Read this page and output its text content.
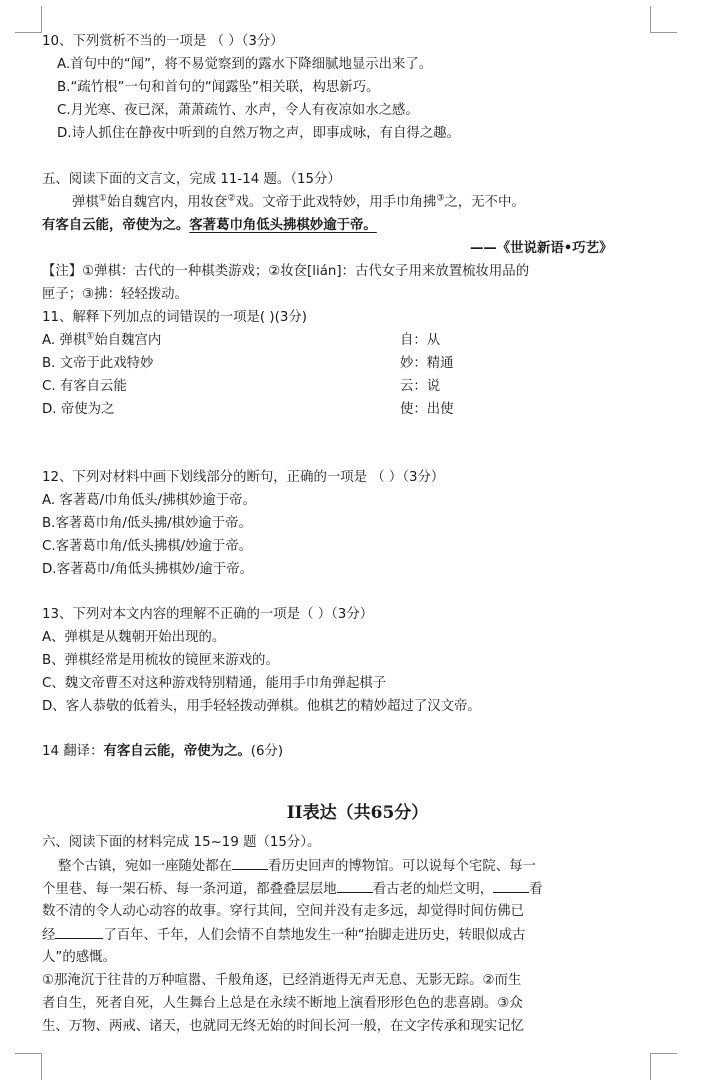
10、下列赏析不当的一项是 （ ）（3分）
A.首句中的“闻”，将不易觉察到的露水下降细腻地显示出来了。
B.“疏竹根”一句和首句的“闻露坠”相关联，构思新巧。
C.月光寒、夜已深，萧萧疏竹、水声，令人有夜凉如水之感。
D.诗人抓住在静夜中听到的自然万物之声，即事成咏，有自得之趣。
五、阅读下面的文言文，完成 11-14 题。（15分）
弹棋①始自魏宫内，用妆奁②戏。文帝于此戏特妙，用手巾角拂③之，无不中。
有客自云能，帝使为之。客著葛巾角低头拂棋妙逾于帝。
——《世说新语•巧艺》
【注】①弹棋：古代的一种棋类游戏；②妆奁[lián]：古代女子用来放置梳妆用品的
匣子；③拂：轻轻拨动。
11、解释下列加点的词错误的一项是( )(3分)
A. 弹棋①始自魏宫内	自：从
B. 文帝于此戏特妙	妙：精通
C. 有客自云能	云：说
D. 帝使为之	使：出使
12、下列对材料中画下划线部分的断句，正确的一项是 （ ）（3分）
A. 客著葛/巾角低头/拂棋妙逾于帝。
B.客著葛巾角/低头拂/棋妙逾于帝。
C.客著葛巾角/低头拂棋/妙逾于帝。
D.客著葛巾/角低头拂棋妙/逾于帝。
13、下列对本文内容的理解不正确的一项是（ ）（3分）
A、弹棋是从魏朝开始出现的。
B、弹棋经常是用梳妆的镜匣来游戏的。
C、魏文帝曹丕对这种游戏特别精通，能用手巾角弹起棋子
D、客人恭敬的低着头，用手轻轻拨动弹棋。他棋艺的精妙超过了汉文帝。
14 翻译：有客自云能，帝使为之。(6分)
II表达（共65分）
六、阅读下面的材料完成 15~19 题（15分）。
整个古镇，宛如一座随处都在	看历史回声的博物馆。可以说每个宅院、每一
个里巷、每一架石桥、每一条河道，都叠叠层层地	看古老的灿烂文明，	看
数不清的令人动心动容的故事。穿行其间，空间并没有走多远，却觉得时间仿佛已
经	了百年、千年，人们会情不自禁地发生一种“抬脚走进历史，转眼似成古
人”的感慨。
①那淹沉于往昔的万种喧嚣、千般角逐，已经消逝得无声无息、无影无踪。②而生
者自生，死者自死，人生舞台上总是在永续不断地上演看形形色色的悲喜剧。③众
生、万物、两戒、诸天，也就同无终无始的时间长河一般，在文字传承和现实记忆
